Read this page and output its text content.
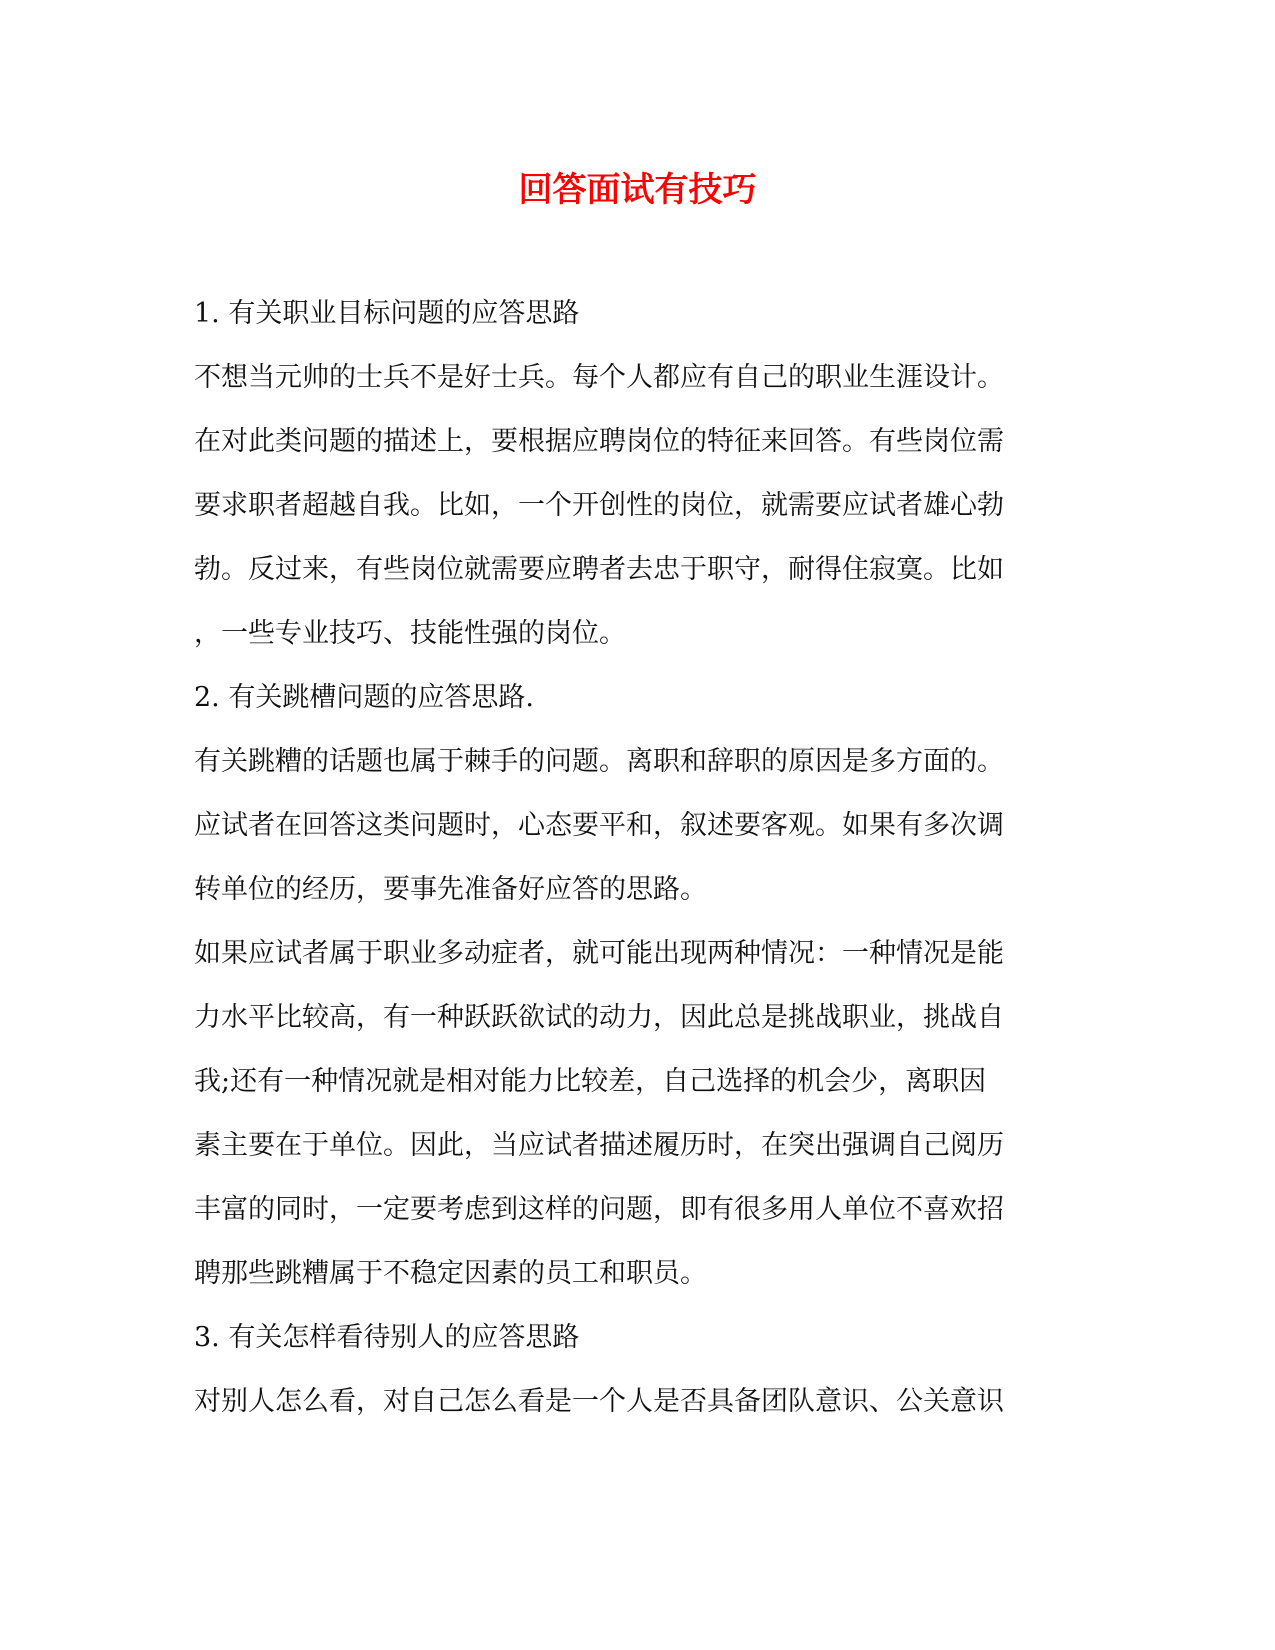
回答面试有技巧
1. 有关职业目标问题的应答思路
不想当元帅的士兵不是好士兵。每个人都应有自己的职业生涯设计。
在对此类问题的描述上，要根据应聘岗位的特征来回答。有些岗位需
要求职者超越自我。比如，一个开创性的岗位，就需要应试者雄心勃
勃。反过来，有些岗位就需要应聘者去忠于职守，耐得住寂寞。比如
，一些专业技巧、技能性强的岗位。
2. 有关跳槽问题的应答思路.
有关跳糟的话题也属于棘手的问题。离职和辞职的原因是多方面的。
应试者在回答这类问题时，心态要平和，叙述要客观。如果有多次调
转单位的经历，要事先准备好应答的思路。
如果应试者属于职业多动症者，就可能出现两种情况：一种情况是能
力水平比较高，有一种跃跃欲试的动力，因此总是挑战职业，挑战自
我;还有一种情况就是相对能力比较差，自己选择的机会少，离职因
素主要在于单位。因此，当应试者描述履历时，在突出强调自己阅历
丰富的同时，一定要考虑到这样的问题，即有很多用人单位不喜欢招
聘那些跳糟属于不稳定因素的员工和职员。
3. 有关怎样看待别人的应答思路
对别人怎么看，对自己怎么看是一个人是否具备团队意识、公关意识
